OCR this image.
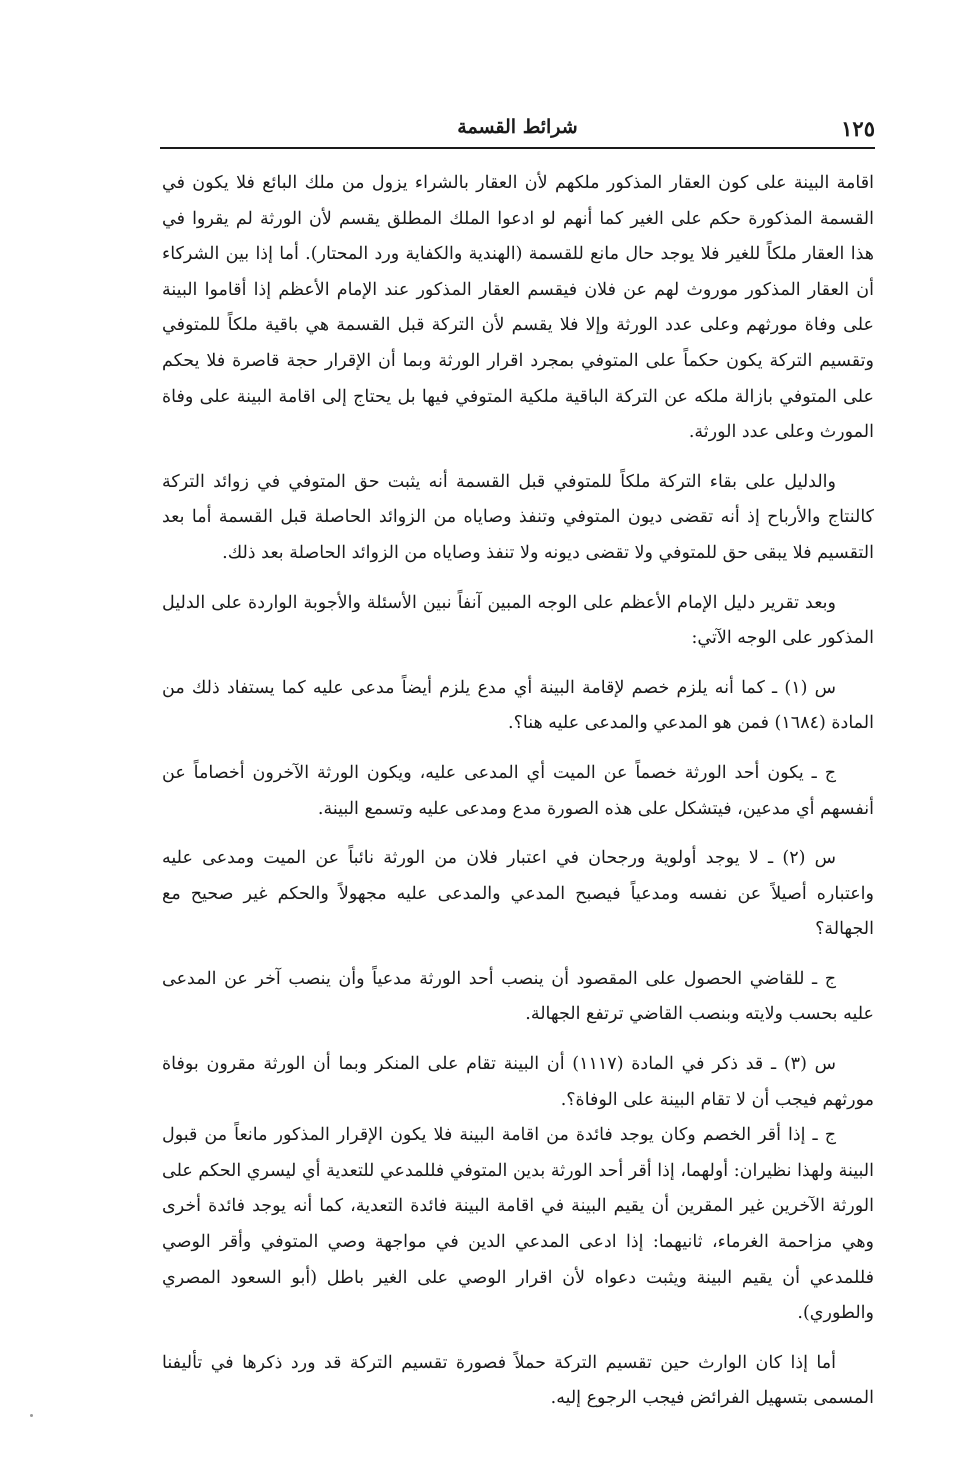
١٢٥
شرائط القسمة

اقامة البينة على كون العقار المذكور ملكهم لأن العقار بالشراء يزول من ملك البائع فلا يكون في القسمة المذكورة حكم على الغير كما أنهم لو ادعوا الملك المطلق يقسم لأن الورثة لم يقروا في هذا العقار ملكاً للغير فلا يوجد حال مانع للقسمة (الهندية والكفاية ورد المحتار). أما إذا بين الشركاء أن العقار المذكور موروث لهم عن فلان فيقسم العقار المذكور عند الإمام الأعظم إذا أقاموا البينة على وفاة مورثهم وعلى عدد الورثة وإلا فلا يقسم لأن التركة قبل القسمة هي باقية ملكاً للمتوفي وتقسيم التركة يكون حكماً على المتوفي بمجرد اقرار الورثة وبما أن الإقرار حجة قاصرة فلا يحكم على المتوفي بازالة ملكه عن التركة الباقية ملكية المتوفي فيها بل يحتاج إلى اقامة البينة على وفاة المورث وعلى عدد الورثة.

والدليل على بقاء التركة ملكاً للمتوفي قبل القسمة أنه يثبت حق المتوفي في زوائد التركة كالنتاج والأرباح إذ أنه تقضى ديون المتوفي وتنفذ وصاياه من الزوائد الحاصلة قبل القسمة أما بعد التقسيم فلا يبقى حق للمتوفي ولا تقضى ديونه ولا تنفذ وصاياه من الزوائد الحاصلة بعد ذلك.

وبعد تقرير دليل الإمام الأعظم على الوجه المبين آنفاً نبين الأسئلة والأجوبة الواردة على الدليل المذكور على الوجه الآتي:

س (١) ـ كما أنه يلزم خصم لإقامة البينة أي مدع يلزم أيضاً مدعى عليه كما يستفاد ذلك من المادة (١٦٨٤) فمن هو المدعي والمدعى عليه هنا؟.

ج ـ يكون أحد الورثة خصماً عن الميت أي المدعى عليه، ويكون الورثة الآخرون أخصاماً عن أنفسهم أي مدعين، فيتشكل على هذه الصورة مدع ومدعى عليه وتسمع البينة.

س (٢) ـ لا يوجد أولوية ورجحان في اعتبار فلان من الورثة نائباً عن الميت ومدعى عليه واعتباره أصيلاً عن نفسه ومدعياً فيصبح المدعي والمدعى عليه مجهولاً والحكم غير صحيح مع الجهالة؟

ج ـ للقاضي الحصول على المقصود أن ينصب أحد الورثة مدعياً وأن ينصب آخر عن المدعى عليه بحسب ولايته وبنصب القاضي ترتفع الجهالة.

س (٣) ـ قد ذكر في المادة (١١١٧) أن البينة تقام على المنكر وبما أن الورثة مقرون بوفاة مورثهم فيجب أن لا تقام البينة على الوفاة؟.

ج ـ إذا أقر الخصم وكان يوجد فائدة من اقامة البينة فلا يكون الإقرار المذكور مانعاً من قبول البينة ولهذا نظيران: أولهما، إذا أقر أحد الورثة بدين المتوفي فللمدعي للتعدية أي ليسري الحكم على الورثة الآخرين غير المقرين أن يقيم البينة في اقامة البينة فائدة التعدية، كما أنه يوجد فائدة أخرى وهي مزاحمة الغرماء، ثانيهما: إذا ادعى المدعي الدين في مواجهة وصي المتوفي وأقر الوصي فللمدعي أن يقيم البينة ويثبت دعواه لأن اقرار الوصي على الغير باطل (أبو السعود المصري والطوري).

أما إذا كان الوارث حين تقسيم التركة حملاً فصورة تقسيم التركة قد ورد ذكرها في تأليفنا المسمى بتسهيل الفرائض فيجب الرجوع إليه.
